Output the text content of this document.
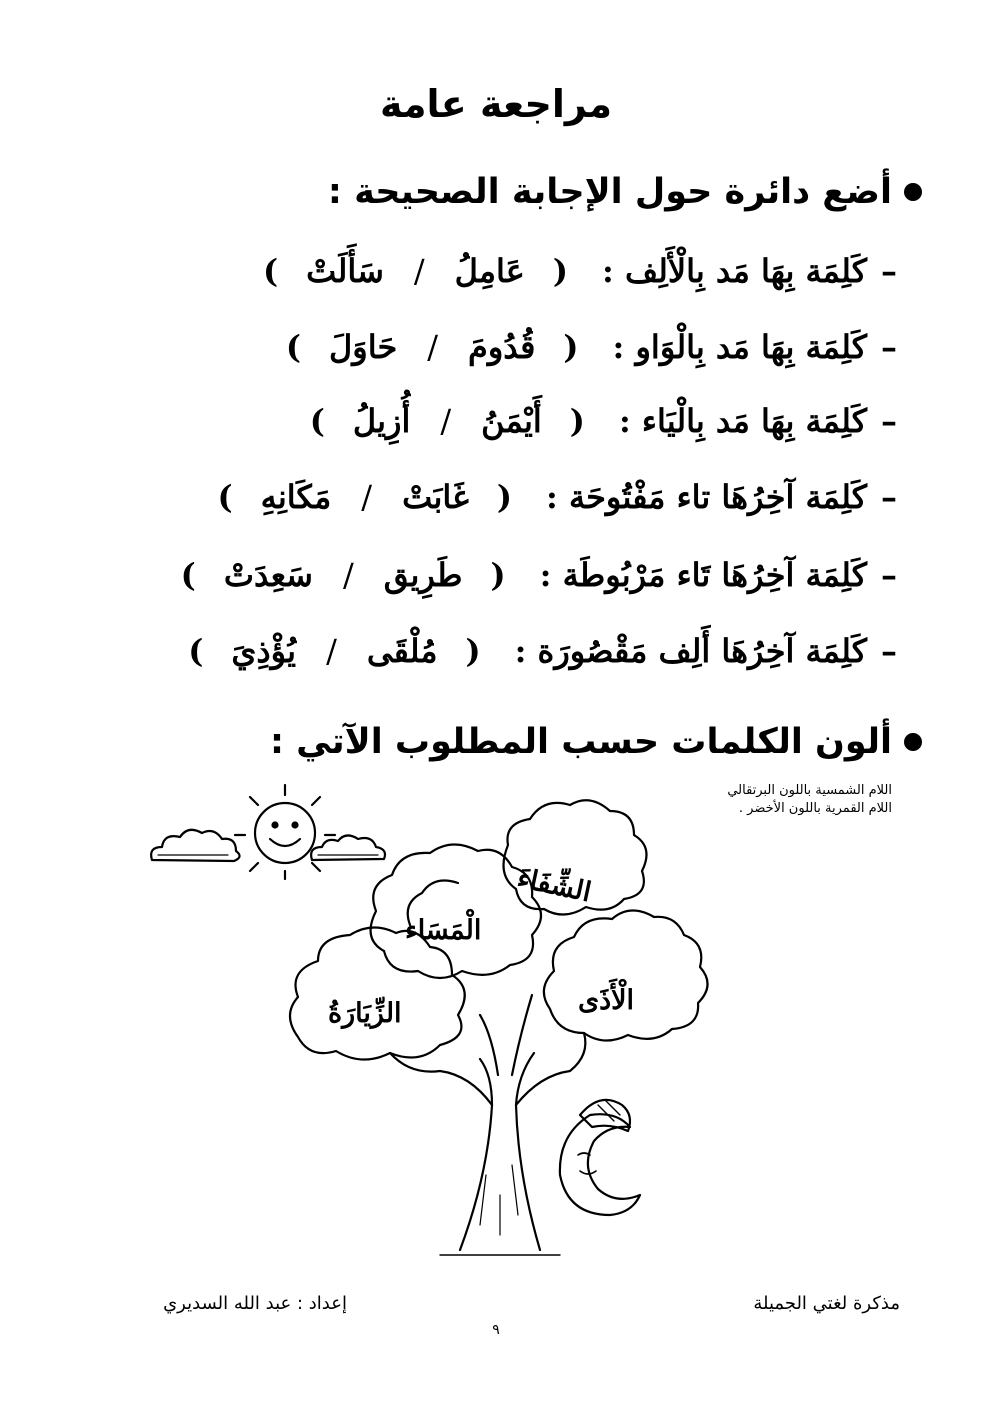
مراجعة عامة
أضع دائرة حول الإجابة الصحيحة :
–
كَلِمَة بِهَا مَد بِالْأَلِف :
(
عَامِلُ
/
سَأَلَتْ
)
–
كَلِمَة بِهَا مَد بِالْوَاو :
(
قُدُومَ
/
حَاوَلَ
)
–
كَلِمَة بِهَا مَد بِالْيَاء :
(
أَيْمَنُ
/
أُزِيلُ
)
–
كَلِمَة آخِرُهَا تاء مَفْتُوحَة :
(
غَابَتْ
/
مَكَانِهِ
)
–
كَلِمَة آخِرُهَا تَاء مَرْبُوطَة :
(
طَرِيق
/
سَعِدَتْ
)
–
كَلِمَة آخِرُهَا أَلِف مَقْصُورَة :
(
مُلْقَى
/
يُؤْذِيَ
)
ألون الكلمات حسب المطلوب الآتي :
اللام الشمسية باللون البرتقالي
اللام القمرية باللون الأخضر .
الشِّفَاءَ
الْمَسَاء
الْأَذَى
الزِّيَارَةُ
مذكرة لغتي الجميلة
إعداد : عبد الله السديري
٩
